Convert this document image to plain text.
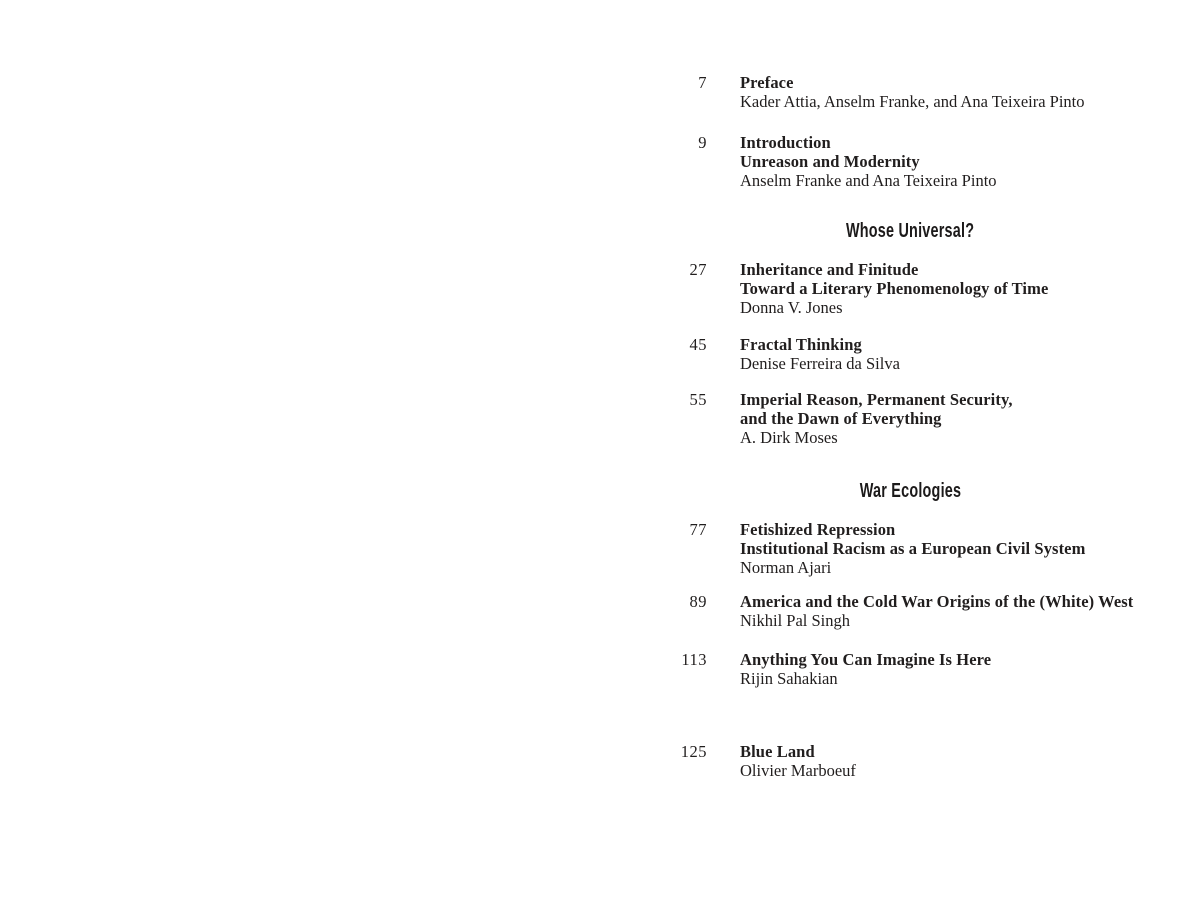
7 Preface
Kader Attia, Anselm Franke, and Ana Teixeira Pinto
9 Introduction
Unreason and Modernity
Anselm Franke and Ana Teixeira Pinto
Whose Universal?
27 Inheritance and Finitude
Toward a Literary Phenomenology of Time
Donna V. Jones
45 Fractal Thinking
Denise Ferreira da Silva
55 Imperial Reason, Permanent Security,
and the Dawn of Everything
A. Dirk Moses
War Ecologies
77 Fetishized Repression
Institutional Racism as a European Civil System
Norman Ajari
89 America and the Cold War Origins of the (White) West
Nikhil Pal Singh
113 Anything You Can Imagine Is Here
Rijin Sahakian
125 Blue Land
Olivier Marboeuf
